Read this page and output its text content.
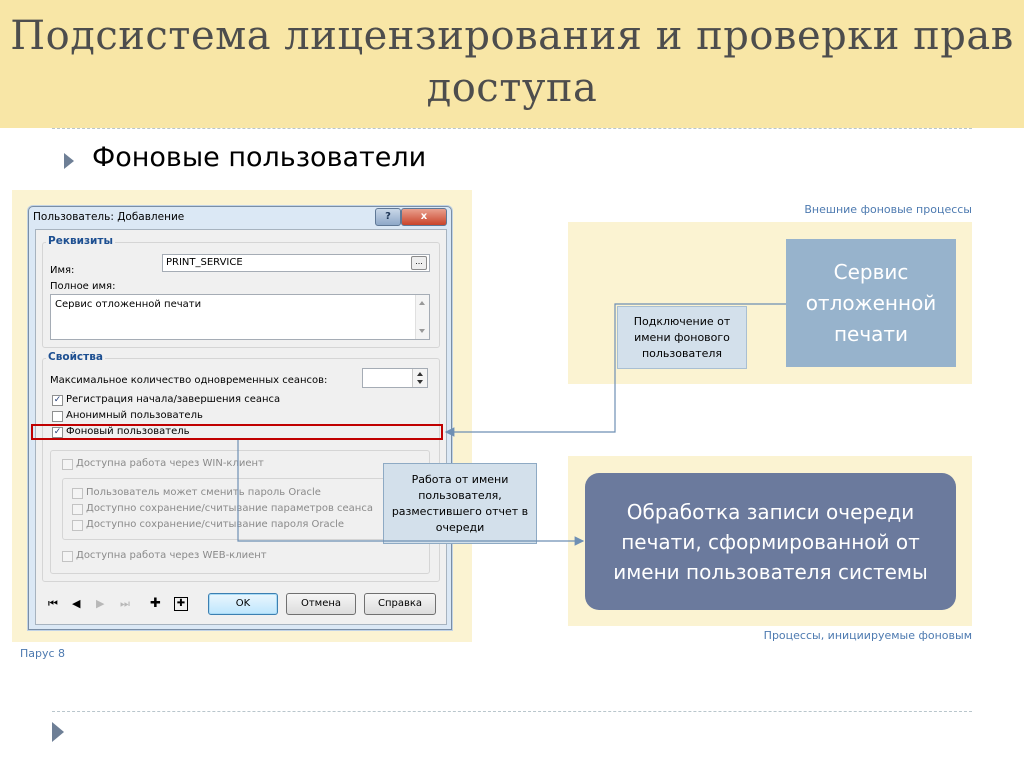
Подсистема лицензирования и проверки прав доступа
Фоновые пользователи
Внешние фоновые процессы
Процессы, инициируемые фоновым
Пользователь: Добавление	?	x
Реквизиты
Имя:
PRINT_SERVICE	...
Полное имя:
Сервис отложенной печати
Свойства
Максимальное количество одновременных сеансов:
✓ Регистрация начала/завершения сеанса
Анонимный пользователь
✓ Фоновый пользователь
Доступна работа через WIN-клиент
Пользователь может сменить пароль Oracle
Доступно сохранение/считывание параметров сеанса
Доступно сохранение/считывание пароля Oracle
Доступна работа через WEB-клиент
⏮ ◀ ▶ ⏭ ✚ ✚	OK	Отмена	Справка
Сервис отложенной печати
Подключение от имени фонового пользователя
Работа от имени пользователя, разместившего отчет в очереди
Обработка записи очереди печати, сформированной от имени пользователя системы
Парус 8
